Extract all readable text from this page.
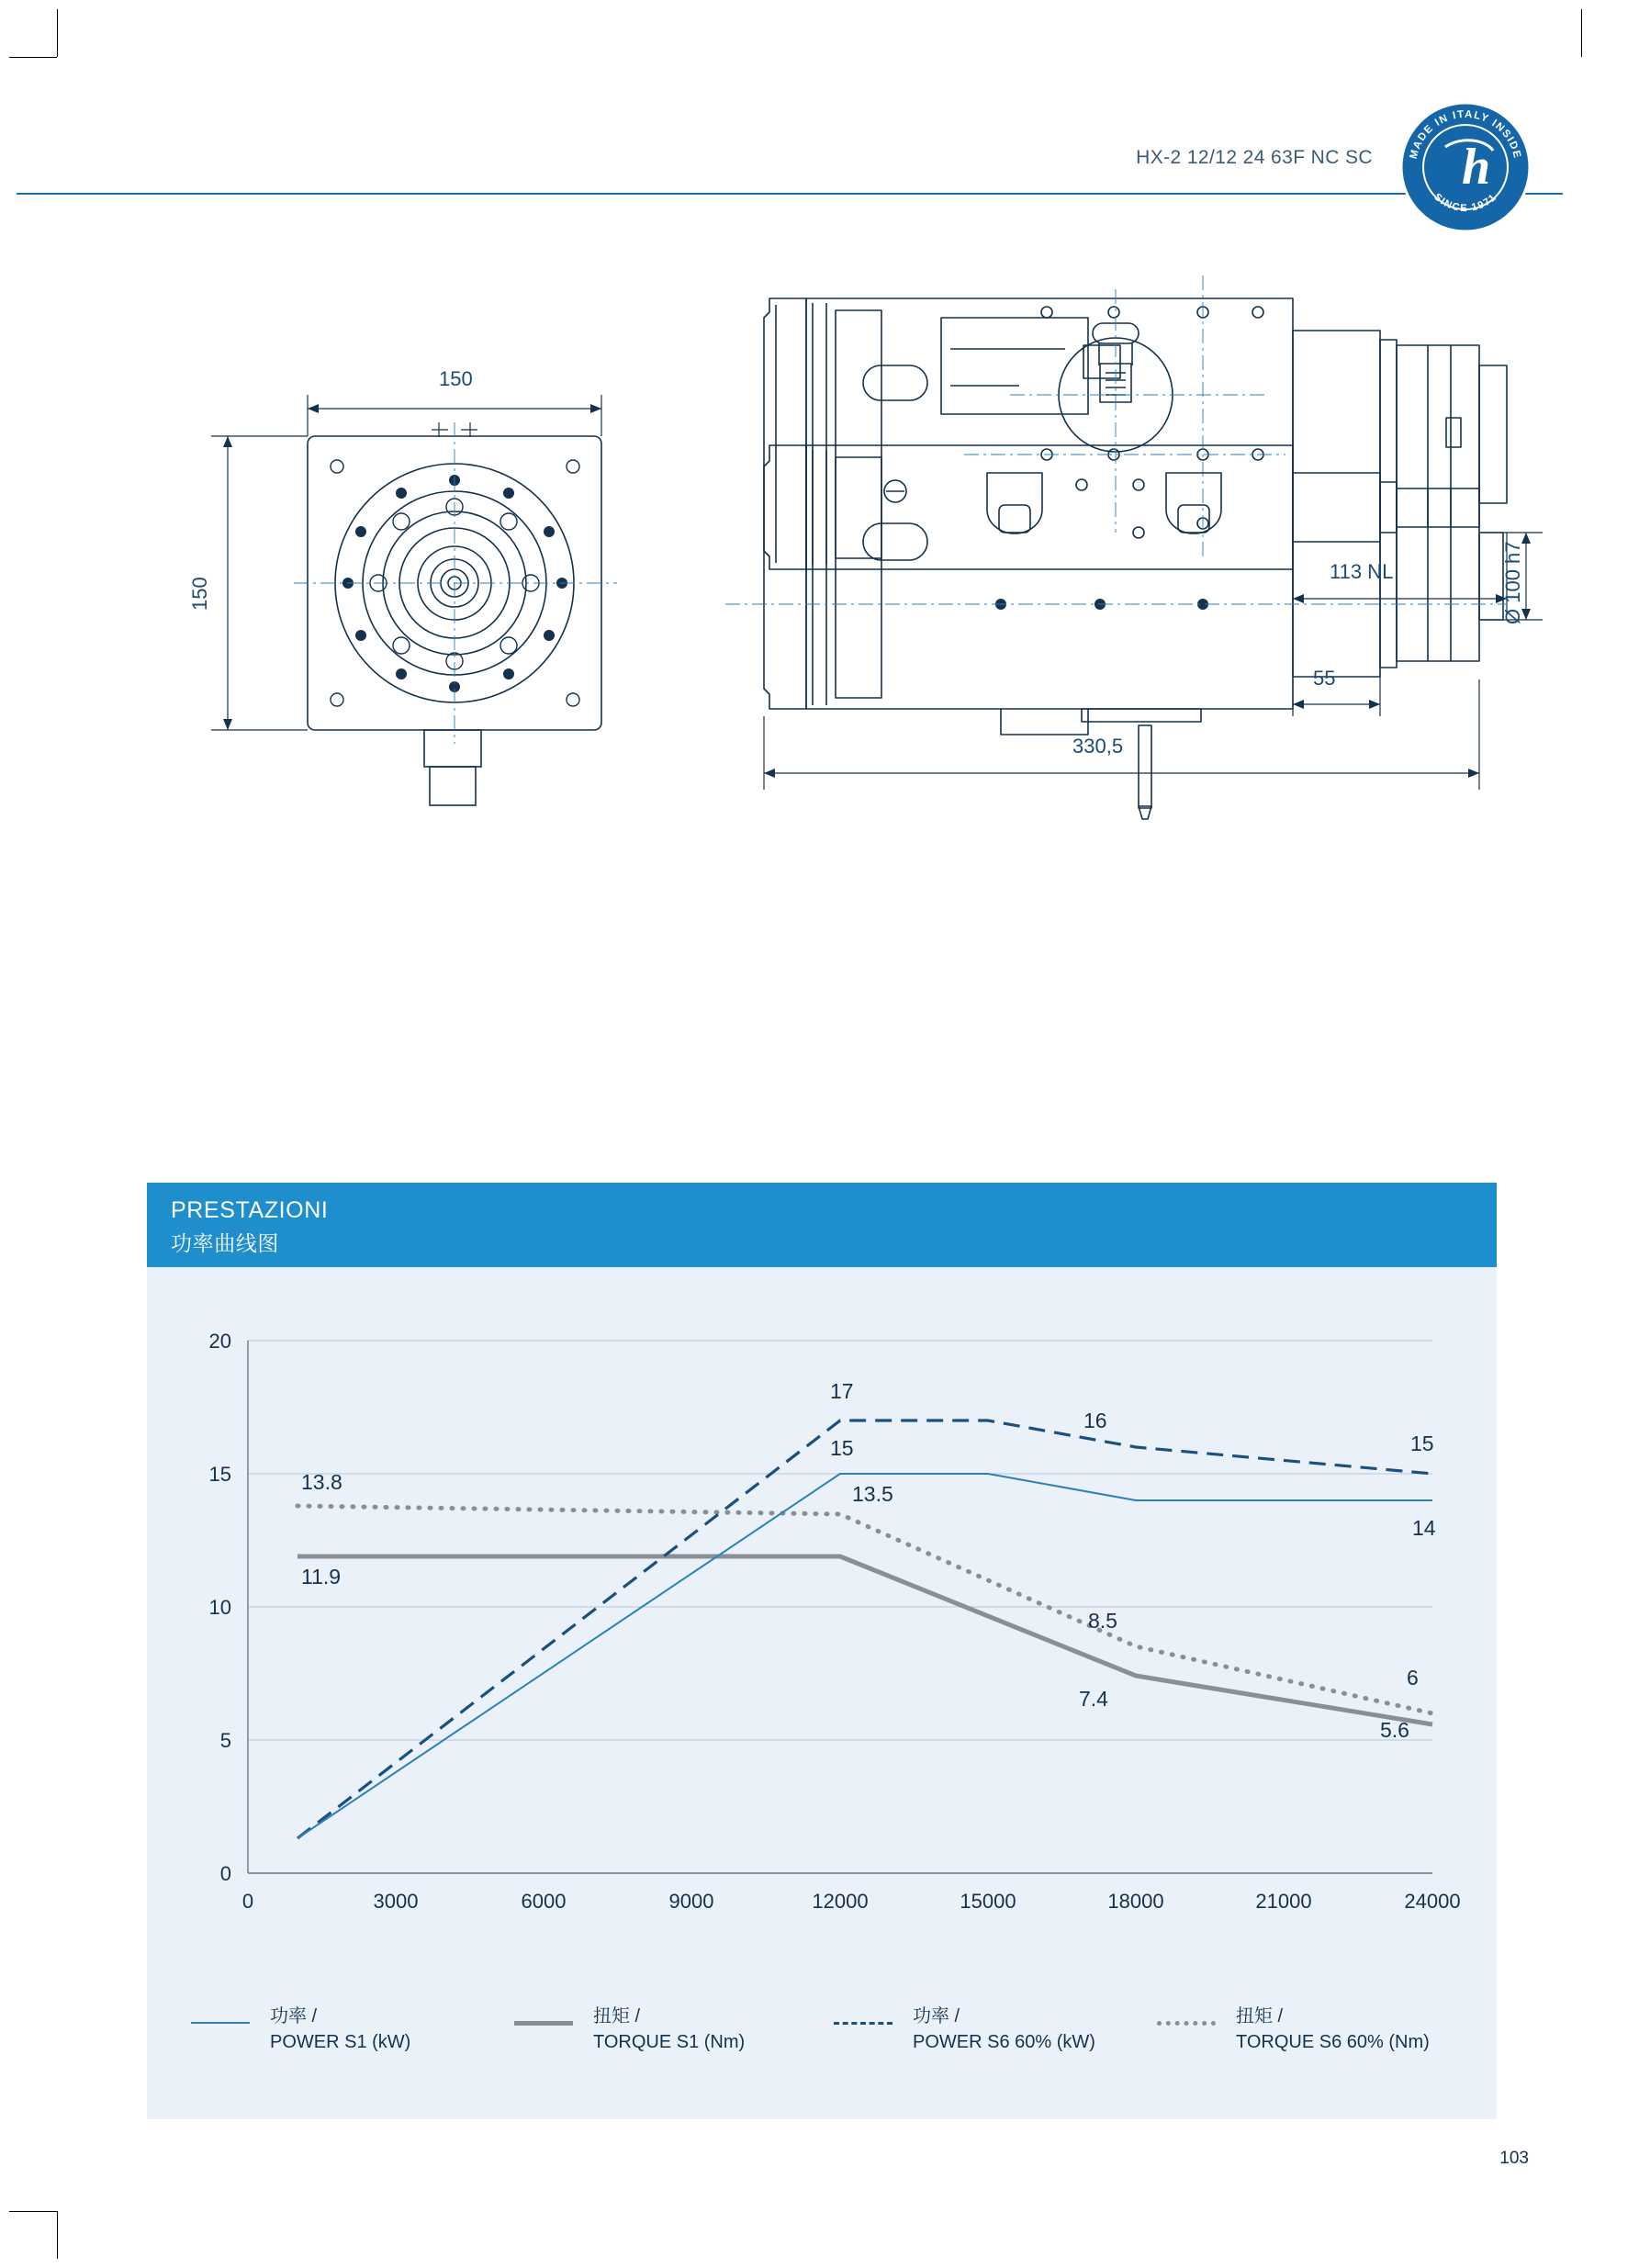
HX-2 12/12 24 63F NC SC	MADE IN ITALY INSIDE
SINCE 1971
h
150
150
113 NL	Ø 100 h7
55
330,5
PRESTAZIONI
功率曲线图
20
15
10
5
0
0	3000	6000	9000	12000	15000	18000	21000	24000
17
16
15
15
14
13.8	13.5
11.9
8.5
7.4
6
5.6
功率 /
POWER S1 (kW)
扭矩 /
TORQUE S1 (Nm)
功率 /
POWER S6 60% (kW)
扭矩 /
TORQUE S6 60% (Nm)
103
